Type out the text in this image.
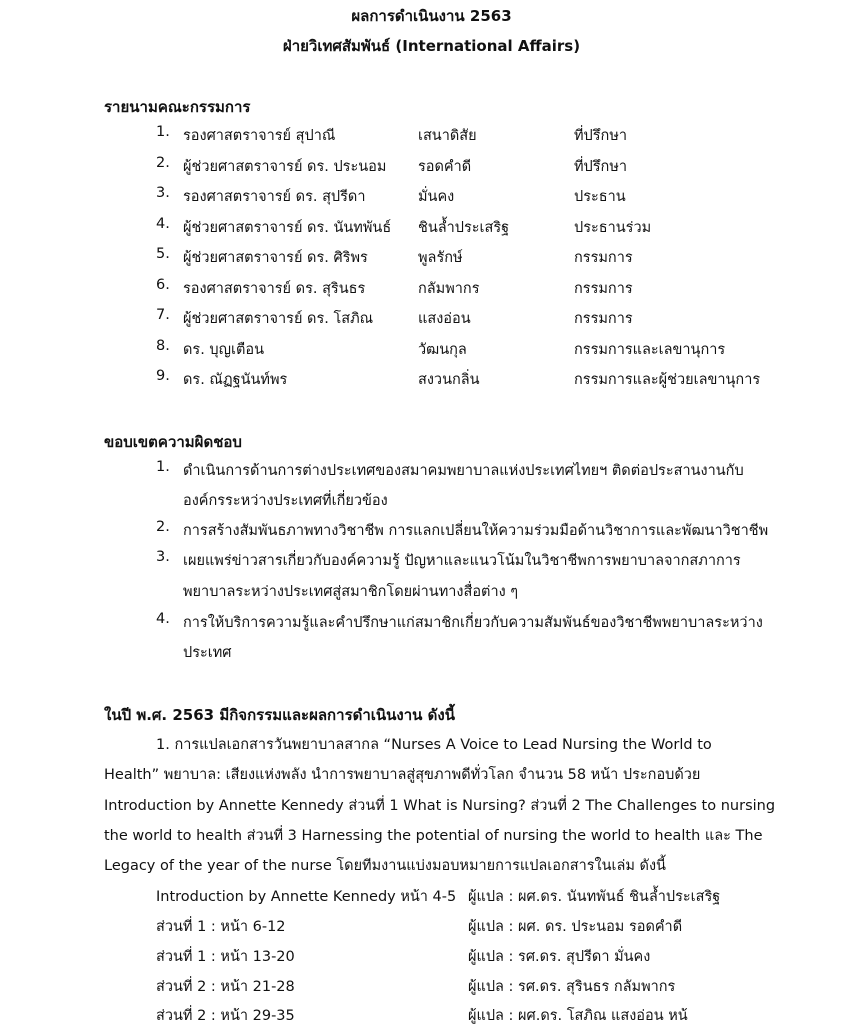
ผลการดำเนินงาน 2563
ฝ่ายวิเทศสัมพันธ์ (International Affairs)
รายนามคณะกรรมการ
1. รองศาสตราจารย์ สุปาณี	เสนาดิสัย	ที่ปรึกษา
2. ผู้ช่วยศาสตราจารย์ ดร. ประนอม รอดคำดี	ที่ปรึกษา
3. รองศาสตราจารย์ ดร. สุปรีดา	มั่นคง	ประธาน
4. ผู้ช่วยศาสตราจารย์ ดร. นันทพันธ์ ชินล้ำประเสริฐ	ประธานร่วม
5. ผู้ช่วยศาสตราจารย์ ดร. ศิริพร	พูลรักษ์	กรรมการ
6. รองศาสตราจารย์ ดร. สุรินธร	กลัมพากร	กรรมการ
7. ผู้ช่วยศาสตราจารย์ ดร. โสภิณ	แสงอ่อน	กรรมการ
8. ดร. บุญเตือน	วัฒนกุล	กรรมการและเลขานุการ
9. ดร. ณัฏฐนันท์พร	สงวนกลิ่น	กรรมการและผู้ช่วยเลขานุการ
ขอบเขตความผิดชอบ
1. ดำเนินการด้านการต่างประเทศของสมาคมพยาบาลแห่งประเทศไทยฯ ติดต่อประสานงานกับ
องค์กรระหว่างประเทศที่เกี่ยวข้อง
2. การสร้างสัมพันธภาพทางวิชาชีพ การแลกเปลี่ยนให้ความร่วมมือด้านวิชาการและพัฒนาวิชาชีพ
3. เผยแพร่ข่าวสารเกี่ยวกับองค์ความรู้ ปัญหาและแนวโน้มในวิชาชีพการพยาบาลจากสภาการ
พยาบาลระหว่างประเทศสู่สมาชิกโดยผ่านทางสื่อต่าง ๆ
4. การให้บริการความรู้และคำปรึกษาแก่สมาชิกเกี่ยวกับความสัมพันธ์ของวิชาชีพพยาบาลระหว่าง
ประเทศ
ในปี พ.ศ. 2563 มีกิจกรรมและผลการดำเนินงาน ดังนี้
1. การแปลเอกสารวันพยาบาลสากล “Nurses A Voice to Lead Nursing the World to
Health” พยาบาล: เสียงแห่งพลัง นำการพยาบาลสู่สุขภาพดีทั่วโลก จำนวน 58 หน้า ประกอบด้วย
Introduction by Annette Kennedy ส่วนที่ 1 What is Nursing? ส่วนที่ 2 The Challenges to nursing
the world to health ส่วนที่ 3 Harnessing the potential of nursing the world to health และ The
Legacy of the year of the nurse โดยทีมงานแบ่งมอบหมายการแปลเอกสารในเล่ม ดังนี้
Introduction by Annette Kennedy หน้า 4-5 ผู้แปล : ผศ.ดร. นันทพันธ์ ชินล้ำประเสริฐ
ส่วนที่ 1 : หน้า 6-12	ผู้แปล : ผศ. ดร. ประนอม รอดคำดี
ส่วนที่ 1 : หน้า 13-20	ผู้แปล : รศ.ดร. สุปรีดา มั่นคง
ส่วนที่ 2 : หน้า 21-28	ผู้แปล : รศ.ดร. สุรินธร กลัมพากร
ส่วนที่ 2 : หน้า 29-35	ผู้แปล : ผศ.ดร. โสภิณ แสงอ่อน หน้
